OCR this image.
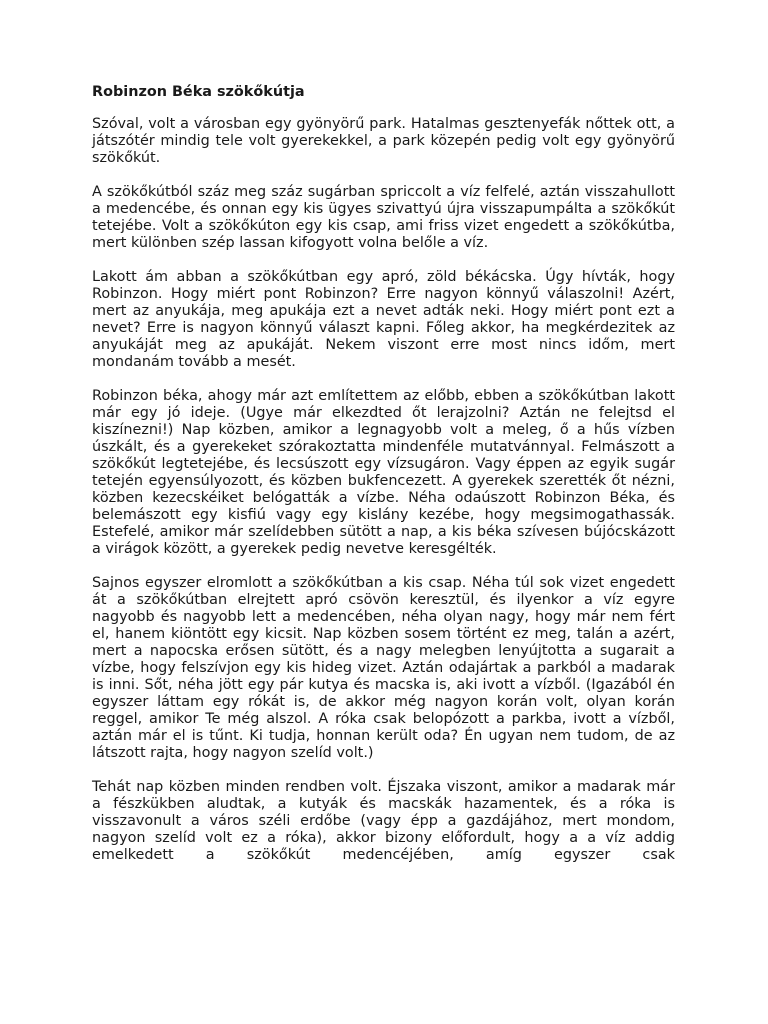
Robinzon Béka szökőkútja

Szóval, volt a városban egy gyönyörű park. Hatalmas gesztenyefák nőttek ott, a játszótér mindig tele volt gyerekekkel, a park közepén pedig volt egy gyönyörű szökőkút.

A szökőkútból száz meg száz sugárban spriccolt a víz felfelé, aztán visszahullott a medencébe, és onnan egy kis ügyes szivattyú újra visszapumpálta a szökőkút tetejébe. Volt a szökőkúton egy kis csap, ami friss vizet engedett a szökőkútba, mert különben szép lassan kifogyott volna belőle a víz.

Lakott ám abban a szökőkútban egy apró, zöld békácska. Úgy hívták, hogy Robinzon. Hogy miért pont Robinzon? Erre nagyon könnyű válaszolni! Azért, mert az anyukája, meg apukája ezt a nevet adták neki. Hogy miért pont ezt a nevet? Erre is nagyon könnyű választ kapni. Főleg akkor, ha megkérdezitek az anyukáját meg az apukáját. Nekem viszont erre most nincs időm, mert mondanám tovább a mesét.

Robinzon béka, ahogy már azt említettem az előbb, ebben a szökőkútban lakott már egy jó ideje. (Ugye már elkezdted őt lerajzolni? Aztán ne felejtsd el kiszínezni!) Nap közben, amikor a legnagyobb volt a meleg, ő a hűs vízben úszkált, és a gyerekeket szórakoztatta mindenféle mutatvánnyal. Felmászott a szökőkút legtetejébe, és lecsúszott egy vízsugáron. Vagy éppen az egyik sugár tetején egyensúlyozott, és közben bukfencezett. A gyerekek szerették őt nézni, közben kezecskéiket belógatták a vízbe. Néha odaúszott Robinzon Béka, és belemászott egy kisfiú vagy egy kislány kezébe, hogy megsimogathassák. Estefelé, amikor már szelídebben sütött a nap, a kis béka szívesen bújócskázott a virágok között, a gyerekek pedig nevetve keresgélték.

Sajnos egyszer elromlott a szökőkútban a kis csap. Néha túl sok vizet engedett át a szökőkútban elrejtett apró csövön keresztül, és ilyenkor a víz egyre nagyobb és nagyobb lett a medencében, néha olyan nagy, hogy már nem fért el, hanem kiöntött egy kicsit. Nap közben sosem történt ez meg, talán a azért, mert a napocska erősen sütött, és a nagy melegben lenyújtotta a sugarait a vízbe, hogy felszívjon egy kis hideg vizet. Aztán odajártak a parkból a madarak is inni. Sőt, néha jött egy pár kutya és macska is, aki ivott a vízből. (Igazából én egyszer láttam egy rókát is, de akkor még nagyon korán volt, olyan korán reggel, amikor Te még alszol. A róka csak belopózott a parkba, ivott a vízből, aztán már el is tűnt. Ki tudja, honnan került oda? Én ugyan nem tudom, de az látszott rajta, hogy nagyon szelíd volt.)

Tehát nap közben minden rendben volt. Éjszaka viszont, amikor a madarak már a fészkükben aludtak, a kutyák és macskák hazamentek, és a róka is visszavonult a város széli erdőbe (vagy épp a gazdájához, mert mondom, nagyon szelíd volt ez a róka), akkor bizony előfordult, hogy a a víz addig emelkedett a szökőkút medencéjében, amíg egyszer csak
